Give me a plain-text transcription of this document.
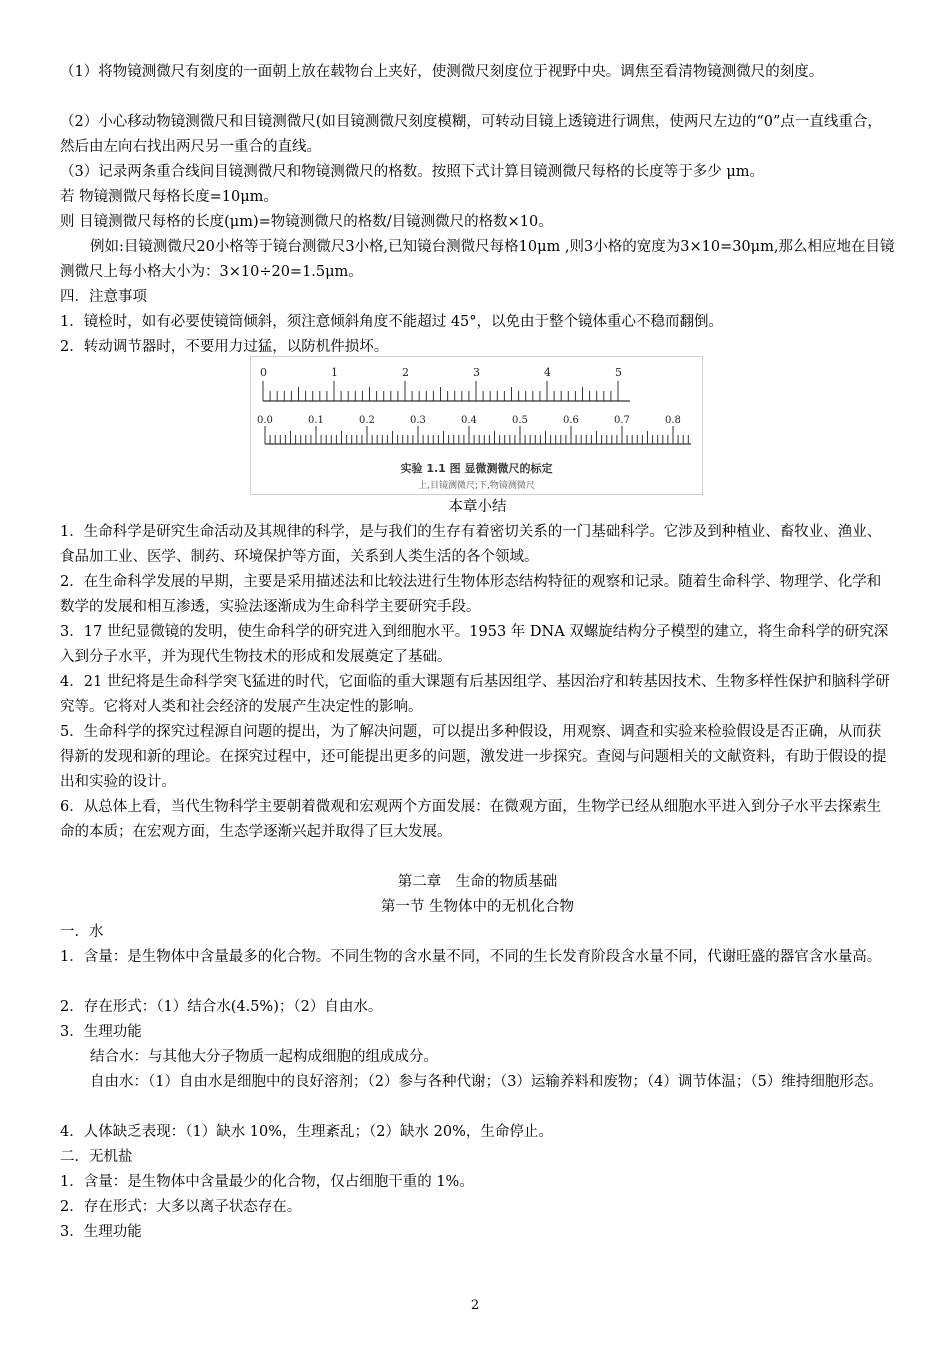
（1）将物镜测微尺有刻度的一面朝上放在载物台上夹好，使测微尺刻度位于视野中央。调焦至看清物镜测微尺的刻度。

（2）小心移动物镜测微尺和目镜测微尺(如目镜测微尺刻度模糊，可转动目镜上透镜进行调焦，使两尺左边的“0”点一直线重合，然后由左向右找出两尺另一重合的直线。

（3）记录两条重合线间目镜测微尺和物镜测微尺的格数。按照下式计算目镜测微尺每格的长度等于多少 μm。

若 物镜测微尺每格长度=10μm。

则 目镜测微尺每格的长度(μm)=物镜测微尺的格数/目镜测微尺的格数×10。

例如:目镜测微尺20小格等于镜台测微尺3小格,已知镜台测微尺每格10μm ,则3小格的宽度为3×10=30μm,那么相应地在目镜测微尺上每小格大小为：3×10÷20=1.5μm。

四．注意事项

1．镜检时，如有必要使镜筒倾斜，须注意倾斜角度不能超过 45°，以免由于整个镜体重心不稳而翻倒。

2．转动调节器时，不要用力过猛，以防机件损坏。

0	1	2	3	4	5
0.0	0.1	0.2	0.3	0.4	0.5	0.6	0.7	0.8
实验 1.1 图 显微测微尺的标定
上,目镜测微尺;下,物镜测微尺

本章小结

1．生命科学是研究生命活动及其规律的科学，是与我们的生存有着密切关系的一门基础科学。它涉及到种植业、畜牧业、渔业、食品加工业、医学、制药、环境保护等方面，关系到人类生活的各个领域。

2．在生命科学发展的早期，主要是采用描述法和比较法进行生物体形态结构特征的观察和记录。随着生命科学、物理学、化学和数学的发展和相互渗透，实验法逐渐成为生命科学主要研究手段。

3．17 世纪显微镜的发明，使生命科学的研究进入到细胞水平。1953 年 DNA 双螺旋结构分子模型的建立，将生命科学的研究深入到分子水平，并为现代生物技术的形成和发展奠定了基础。

4．21 世纪将是生命科学突飞猛进的时代，它面临的重大课题有后基因组学、基因治疗和转基因技术、生物多样性保护和脑科学研究等。它将对人类和社会经济的发展产生决定性的影响。

5．生命科学的探究过程源自问题的提出，为了解决问题，可以提出多种假设，用观察、调查和实验来检验假设是否正确，从而获得新的发现和新的理论。在探究过程中，还可能提出更多的问题，激发进一步探究。查阅与问题相关的文献资料，有助于假设的提出和实验的设计。

6．从总体上看，当代生物科学主要朝着微观和宏观两个方面发展：在微观方面，生物学已经从细胞水平进入到分子水平去探索生命的本质；在宏观方面，生态学逐渐兴起并取得了巨大发展。

第二章　生命的物质基础

第一节 生物体中的无机化合物

一．水

1．含量：是生物体中含量最多的化合物。不同生物的含水量不同，不同的生长发育阶段含水量不同，代谢旺盛的器官含水量高。

2．存在形式：（1）结合水(4.5%)；（2）自由水。

3．生理功能

结合水：与其他大分子物质一起构成细胞的组成成分。

自由水：（1）自由水是细胞中的良好溶剂；（2）参与各种代谢；（3）运输养料和废物；（4）调节体温；（5）维持细胞形态。

4．人体缺乏表现：（1）缺水 10%，生理紊乱；（2）缺水 20%，生命停止。

二．无机盐

1．含量：是生物体中含量最少的化合物，仅占细胞干重的 1%。

2．存在形式：大多以离子状态存在。

3．生理功能

2
